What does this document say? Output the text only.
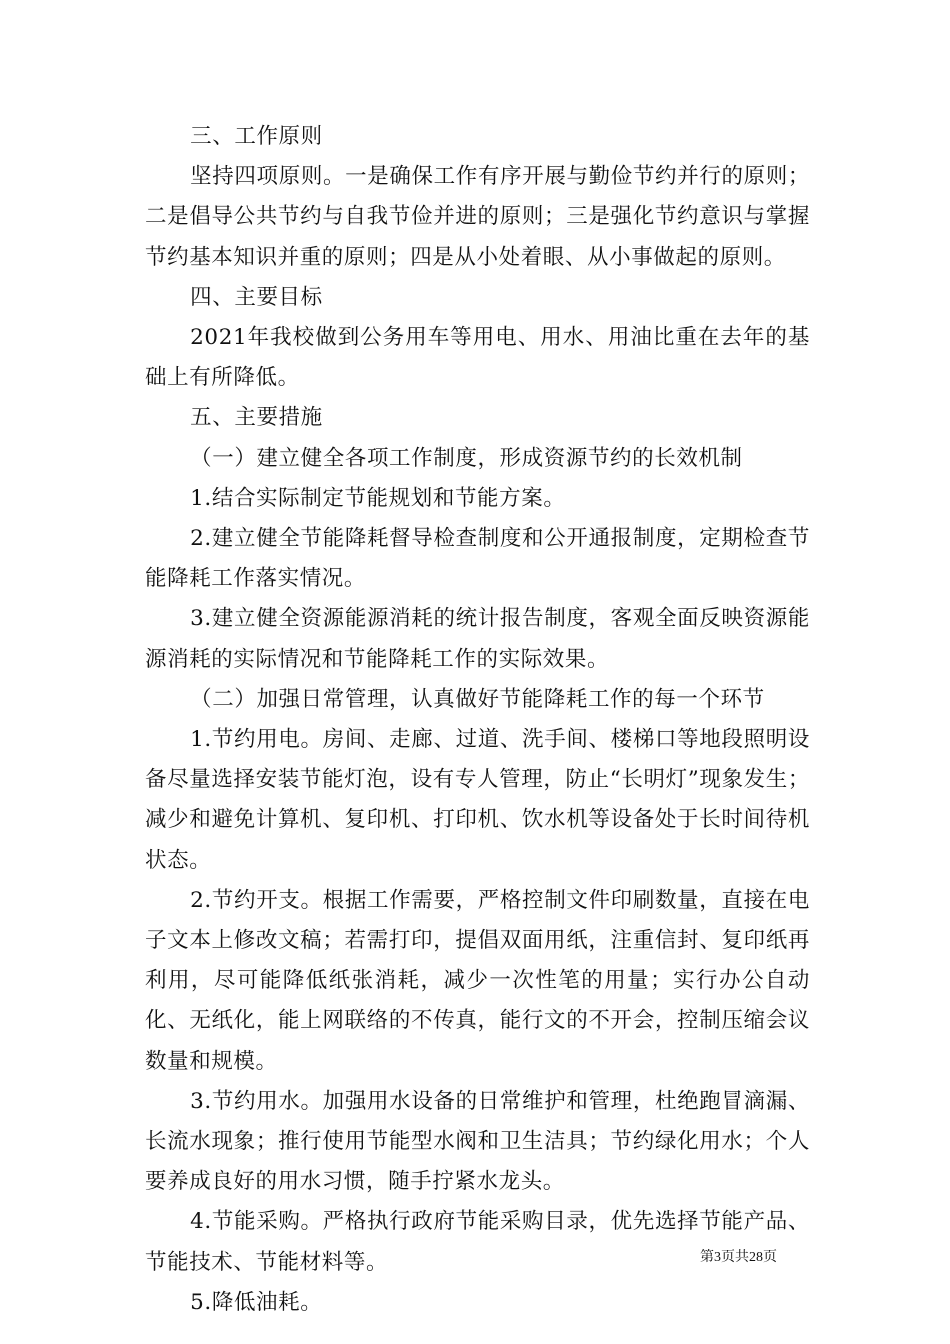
三、工作原则

坚持四项原则。一是确保工作有序开展与勤俭节约并行的原则；二是倡导公共节约与自我节俭并进的原则；三是强化节约意识与掌握节约基本知识并重的原则；四是从小处着眼、从小事做起的原则。

四、主要目标

2021年我校做到公务用车等用电、用水、用油比重在去年的基础上有所降低。

五、主要措施

（一）建立健全各项工作制度，形成资源节约的长效机制

1.结合实际制定节能规划和节能方案。

2.建立健全节能降耗督导检查制度和公开通报制度，定期检查节能降耗工作落实情况。

3.建立健全资源能源消耗的统计报告制度，客观全面反映资源能源消耗的实际情况和节能降耗工作的实际效果。

（二）加强日常管理，认真做好节能降耗工作的每一个环节

1.节约用电。房间、走廊、过道、洗手间、楼梯口等地段照明设备尽量选择安装节能灯泡，设有专人管理，防止“长明灯”现象发生；减少和避免计算机、复印机、打印机、饮水机等设备处于长时间待机状态。

2.节约开支。根据工作需要，严格控制文件印刷数量，直接在电子文本上修改文稿；若需打印，提倡双面用纸，注重信封、复印纸再利用，尽可能降低纸张消耗，减少一次性笔的用量；实行办公自动化、无纸化，能上网联络的不传真，能行文的不开会，控制压缩会议数量和规模。

3.节约用水。加强用水设备的日常维护和管理，杜绝跑冒滴漏、长流水现象；推行使用节能型水阀和卫生洁具；节约绿化用水；个人要养成良好的用水习惯，随手拧紧水龙头。

4.节能采购。严格执行政府节能采购目录，优先选择节能产品、节能技术、节能材料等。

5.降低油耗。

第3页共28页
